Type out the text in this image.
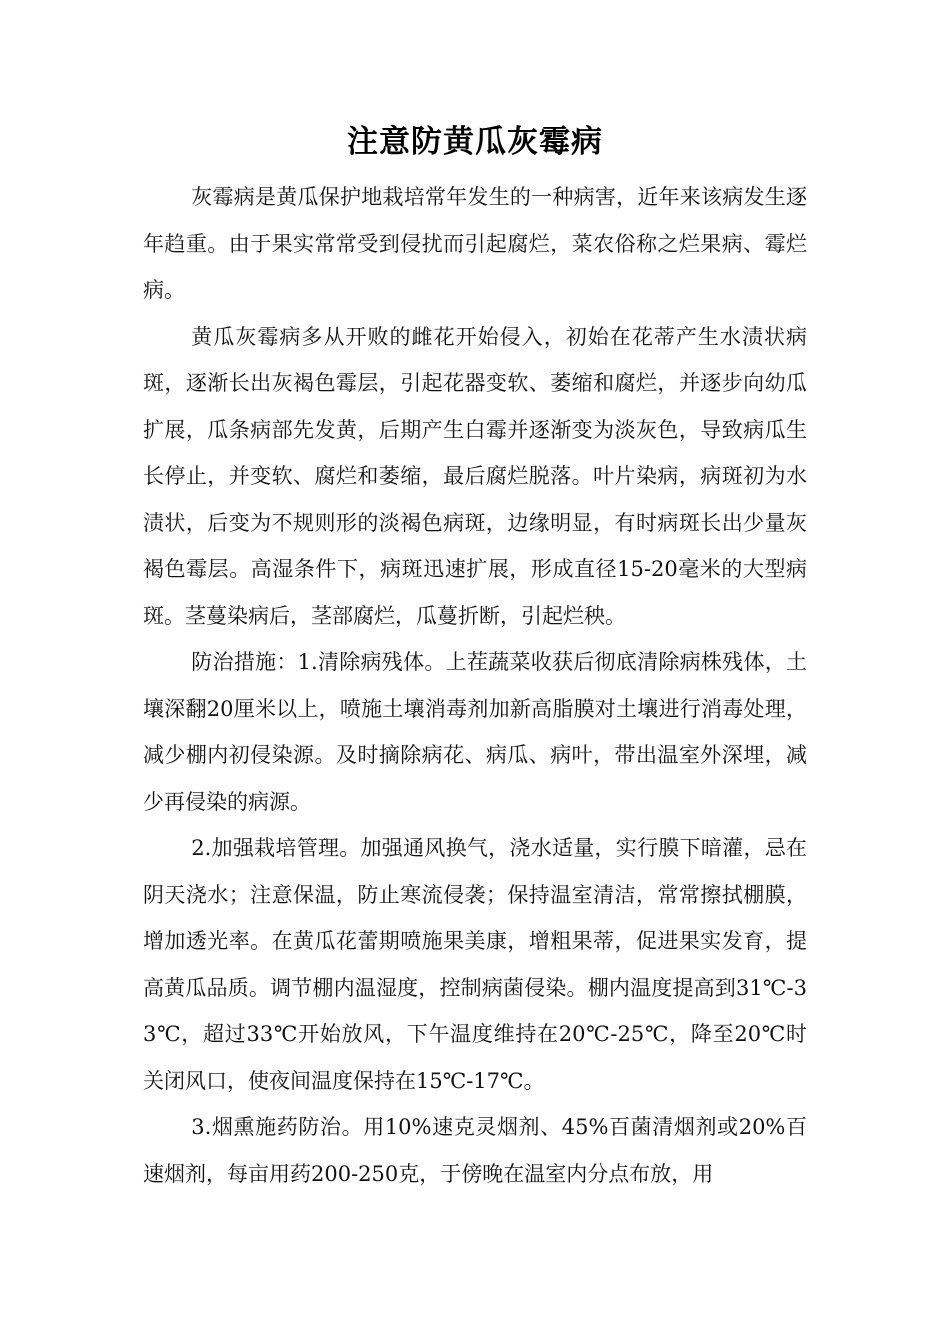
注意防黄瓜灰霉病

灰霉病是黄瓜保护地栽培常年发生的一种病害，近年来该病发生逐年趋重。由于果实常常受到侵扰而引起腐烂，菜农俗称之烂果病、霉烂病。

黄瓜灰霉病多从开败的雌花开始侵入，初始在花蒂产生水渍状病斑，逐渐长出灰褐色霉层，引起花器变软、萎缩和腐烂，并逐步向幼瓜扩展，瓜条病部先发黄，后期产生白霉并逐渐变为淡灰色，导致病瓜生长停止，并变软、腐烂和萎缩，最后腐烂脱落。叶片染病，病斑初为水渍状，后变为不规则形的淡褐色病斑，边缘明显，有时病斑长出少量灰褐色霉层。高湿条件下，病斑迅速扩展，形成直径15-20毫米的大型病斑。茎蔓染病后，茎部腐烂，瓜蔓折断，引起烂秧。

防治措施：1.清除病残体。上茬蔬菜收获后彻底清除病株残体，土壤深翻20厘米以上，喷施土壤消毒剂加新高脂膜对土壤进行消毒处理，减少棚内初侵染源。及时摘除病花、病瓜、病叶，带出温室外深埋，减少再侵染的病源。

2.加强栽培管理。加强通风换气，浇水适量，实行膜下暗灌，忌在阴天浇水；注意保温，防止寒流侵袭；保持温室清洁，常常擦拭棚膜，增加透光率。在黄瓜花蕾期喷施果美康，增粗果蒂，促进果实发育，提高黄瓜品质。调节棚内温湿度，控制病菌侵染。棚内温度提高到31℃-33℃，超过33℃开始放风，下午温度维持在20℃-25℃，降至20℃时关闭风口，使夜间温度保持在15℃-17℃。

3.烟熏施药防治。用10%速克灵烟剂、45%百菌清烟剂或20%百速烟剂，每亩用药200-250克，于傍晚在温室内分点布放，用
